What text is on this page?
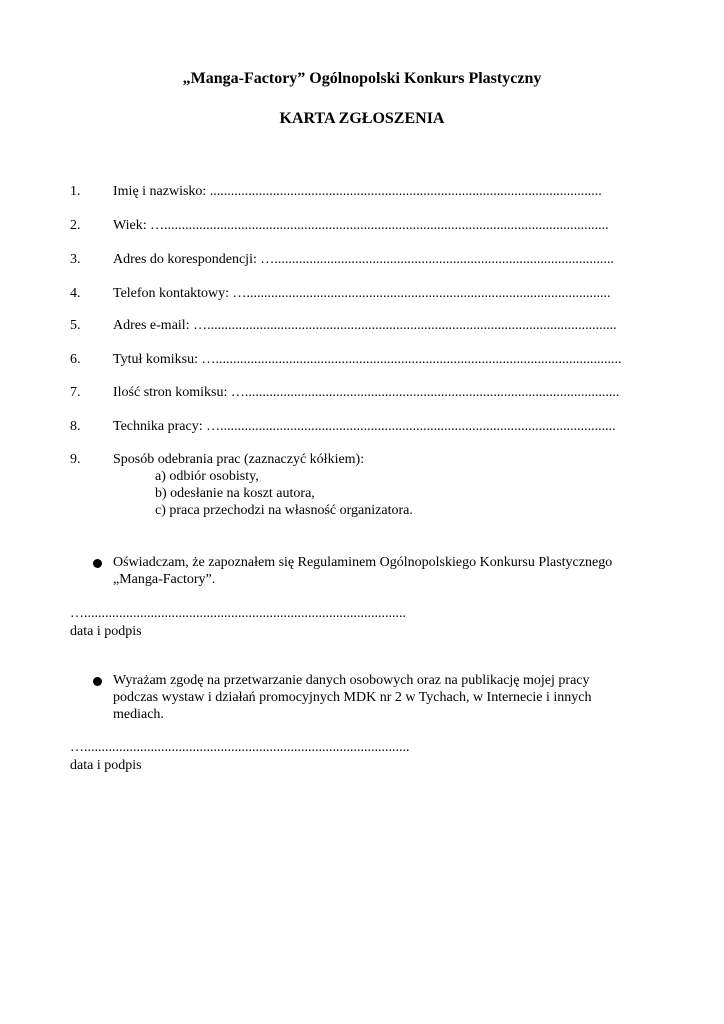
„Manga-Factory” Ogólnopolski Konkurs Plastyczny
KARTA ZGŁOSZENIA
1. Imię i nazwisko: ................................................................................................................
2. Wiek: …...............................................................................................................................
3. Adres do korespondencji: ….................................................................................................
4. Telefon kontaktowy: …........................................................................................................
5. Adres e-mail: ….....................................................................................................................
6. Tytuł komiksu: …....................................................................................................................
7. Ilość stron komiksu: …...........................................................................................................
8. Technika pracy: ….................................................................................................................
9. Sposób odebrania prac (zaznaczyć kółkiem):
a) odbiór osobisty,
b) odesłanie na koszt autora,
c) praca przechodzi na własność organizatora.
Oświadczam, że zapoznałem się Regulaminem Ogólnopolskiego Konkursu Plastycznego
„Manga-Factory”.
…............................................................................................
data i podpis
Wyrażam zgodę na przetwarzanie danych osobowych oraz na publikację mojej pracy
podczas wystaw i działań promocyjnych MDK nr 2 w Tychach, w Internecie i innych
mediach.
….............................................................................................
data i podpis
